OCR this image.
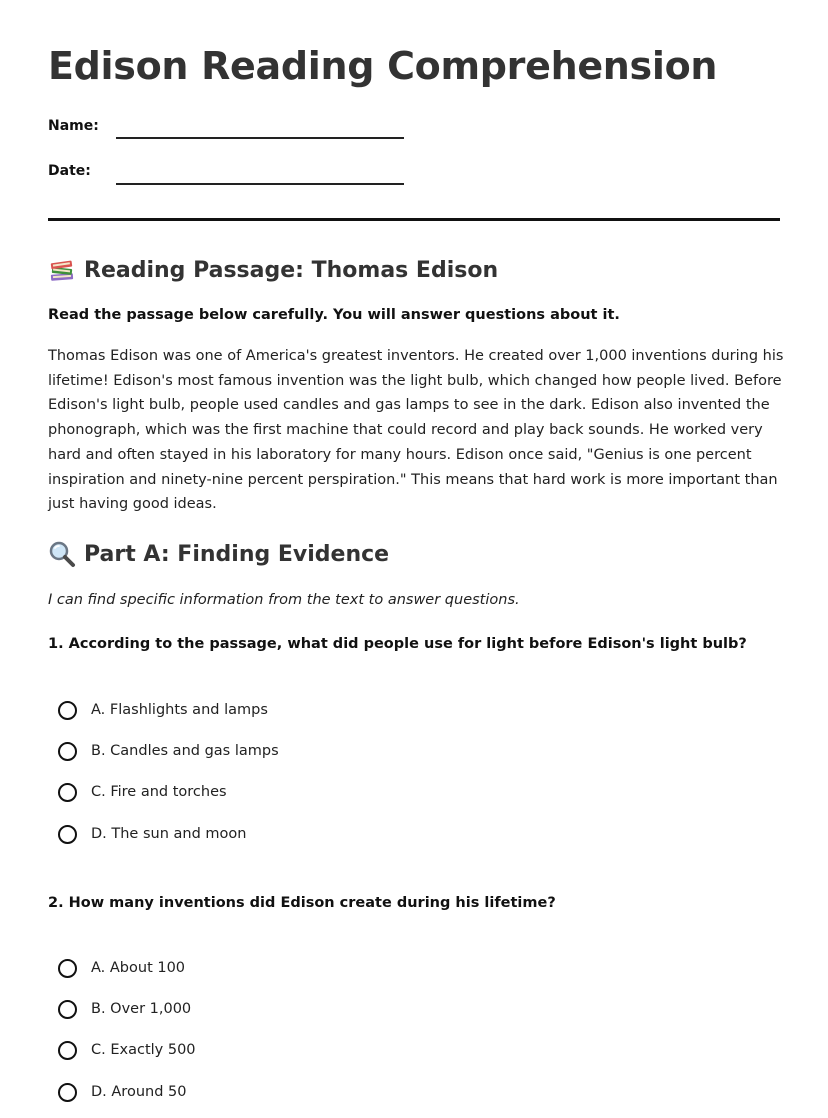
Edison Reading Comprehension
Name:
Date:
Reading Passage: Thomas Edison
Read the passage below carefully. You will answer questions about it.

Thomas Edison was one of America's greatest inventors. He created over 1,000 inventions during his lifetime! Edison's most famous invention was the light bulb, which changed how people lived. Before Edison's light bulb, people used candles and gas lamps to see in the dark. Edison also invented the phonograph, which was the first machine that could record and play back sounds. He worked very hard and often stayed in his laboratory for many hours. Edison once said, "Genius is one percent inspiration and ninety-nine percent perspiration." This means that hard work is more important than just having good ideas.

Part A: Finding Evidence
I can find specific information from the text to answer questions.
1. According to the passage, what did people use for light before Edison's light bulb?
A. Flashlights and lamps
B. Candles and gas lamps
C. Fire and torches
D. The sun and moon
2. How many inventions did Edison create during his lifetime?
A. About 100
B. Over 1,000
C. Exactly 500
D. Around 50
